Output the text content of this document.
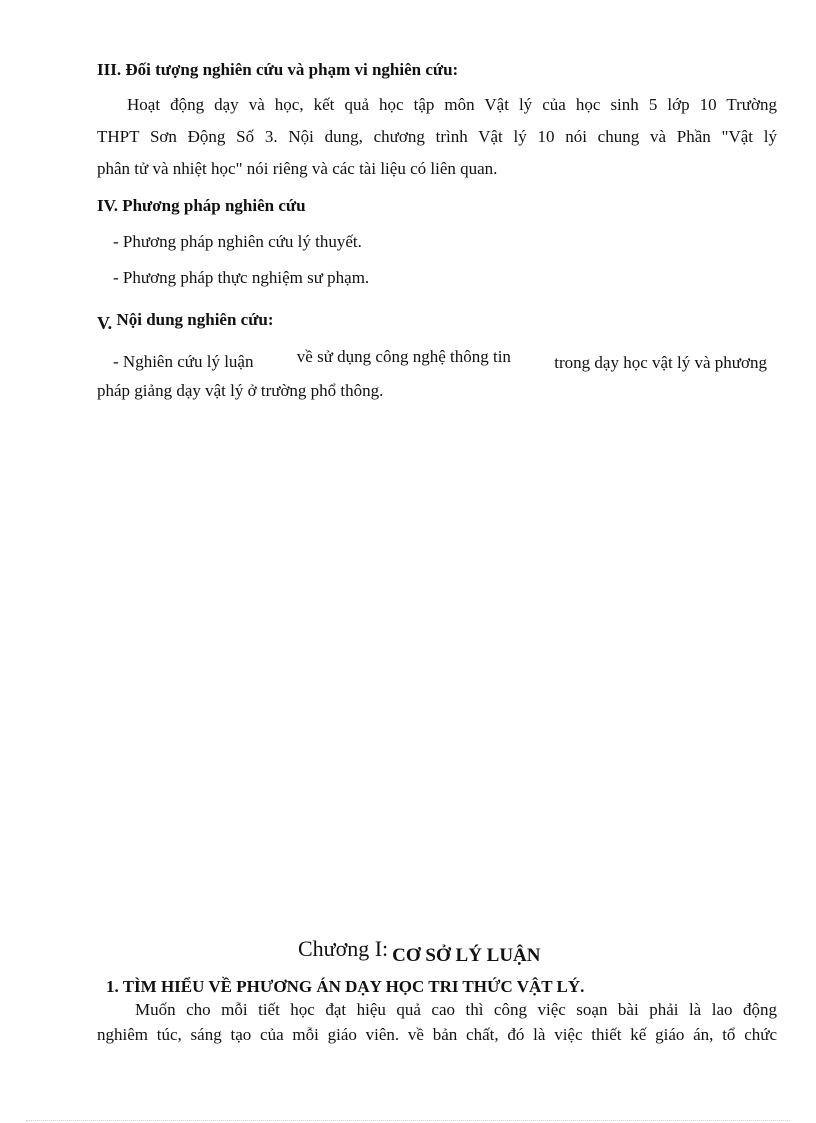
III. Đối tượng nghiên cứu và phạm vi nghiên cứu:
Hoạt động dạy và học, kết quả học tập môn Vật lý của học sinh 5 lớp 10 Trường
THPT Sơn Động Số 3. Nội dung, chương trình Vật lý 10 nói chung và Phần "Vật lý
phân tử và nhiệt học" nói riêng và các tài liệu có liên quan.
IV. Phương pháp nghiên cứu
- Phương pháp nghiên cứu lý thuyết.
- Phương pháp thực nghiệm sư phạm.
V. Nội dung nghiên cứu:
- Nghiên cứu lý luận	về sử dụng công nghệ thông tin	trong dạy học vật lý và phương
pháp giảng dạy vật lý ở trường phổ thông.
Chương I: CƠ SỞ LÝ LUẬN
1. TÌM HIỂU VỀ PHƯƠNG ÁN DẠY HỌC TRI THỨC VẬT LÝ.
Muốn cho mỗi tiết học đạt hiệu quả cao thì công việc soạn bài phải là lao động
nghiêm túc, sáng tạo của mỗi giáo viên. về bản chất, đó là việc thiết kế giáo án, tổ chức
